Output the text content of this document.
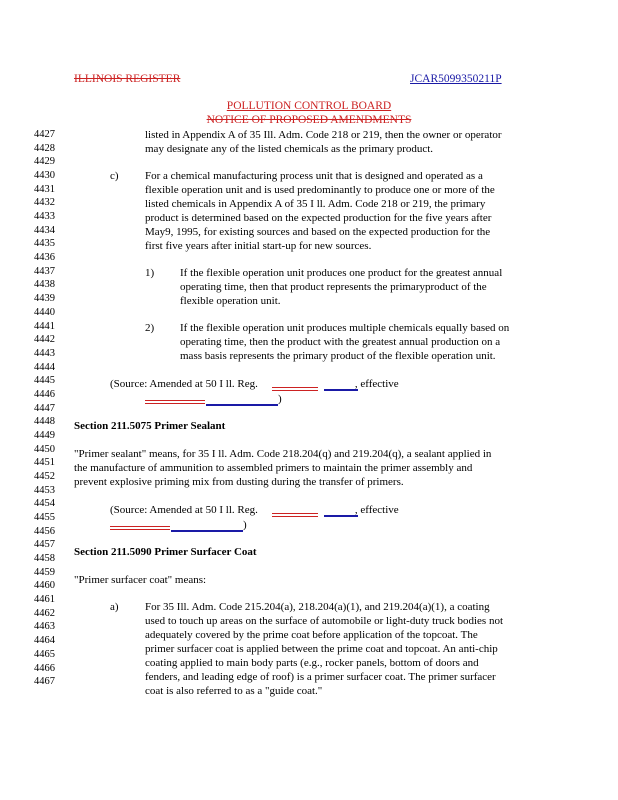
ILLINOIS REGISTER	JCAR5099350211P
POLLUTION CONTROL BOARD
NOTICE OF PROPOSED AMENDMENTS
4427
4428
4429
4430
4431
4432
4433
4434
4435
4436
4437
4438
4439
4440
4441
4442
4443
4444
4445
4446
4447
4448
4449
4450
4451
4452
4453
4454
4455
4456
4457
4458
4459
4460
4461
4462
4463
4464
4465
4466
4467
listed in Appendix A of 35 Ill. Adm. Code 218 or 219, then the owner or operator
may designate any of the listed chemicals as the primary product.
c) For a chemical manufacturing process unit that is designed and operated as a
flexible operation unit and is used predominantly to produce one or more of the
listed chemicals in Appendix A of 35 I ll. Adm. Code 218 or 219, the primary
product is determined based on the expected production for the five years after
May9, 1995, for existing sources and based on the expected production for the
first five years after initial start-up for new sources.
1) If the flexible operation unit produces one product for the greatest annual
operating time, then that product represents the primaryproduct of the
flexible operation unit.
2) If the flexible operation unit produces multiple chemicals equally based on
operating time, then the product with the greatest annual production on a
mass basis represents the primary product of the flexible operation unit.
(Source: Amended at 50 I ll. Reg.	, effective
)
Section 211.5075 Primer Sealant
"Primer sealant" means, for 35 I ll. Adm. Code 218.204(q) and 219.204(q), a sealant applied in
the manufacture of ammunition to assembled primers to maintain the primer assembly and
prevent explosive priming mix from dusting during the transfer of primers.
(Source: Amended at 50 I ll. Reg.	, effective
)
Section 211.5090 Primer Surfacer Coat
"Primer surfacer coat" means:
a) For 35 Ill. Adm. Code 215.204(a), 218.204(a)(1), and 219.204(a)(1), a coating
used to touch up areas on the surface of automobile or light-duty truck bodies not
adequately covered by the prime coat before application of the topcoat. The
primer surfacer coat is applied between the prime coat and topcoat. An anti-chip
coating applied to main body parts (e.g., rocker panels, bottom of doors and
fenders, and leading edge of roof) is a primer surfacer coat. The primer surfacer
coat is also referred to as a "guide coat."
